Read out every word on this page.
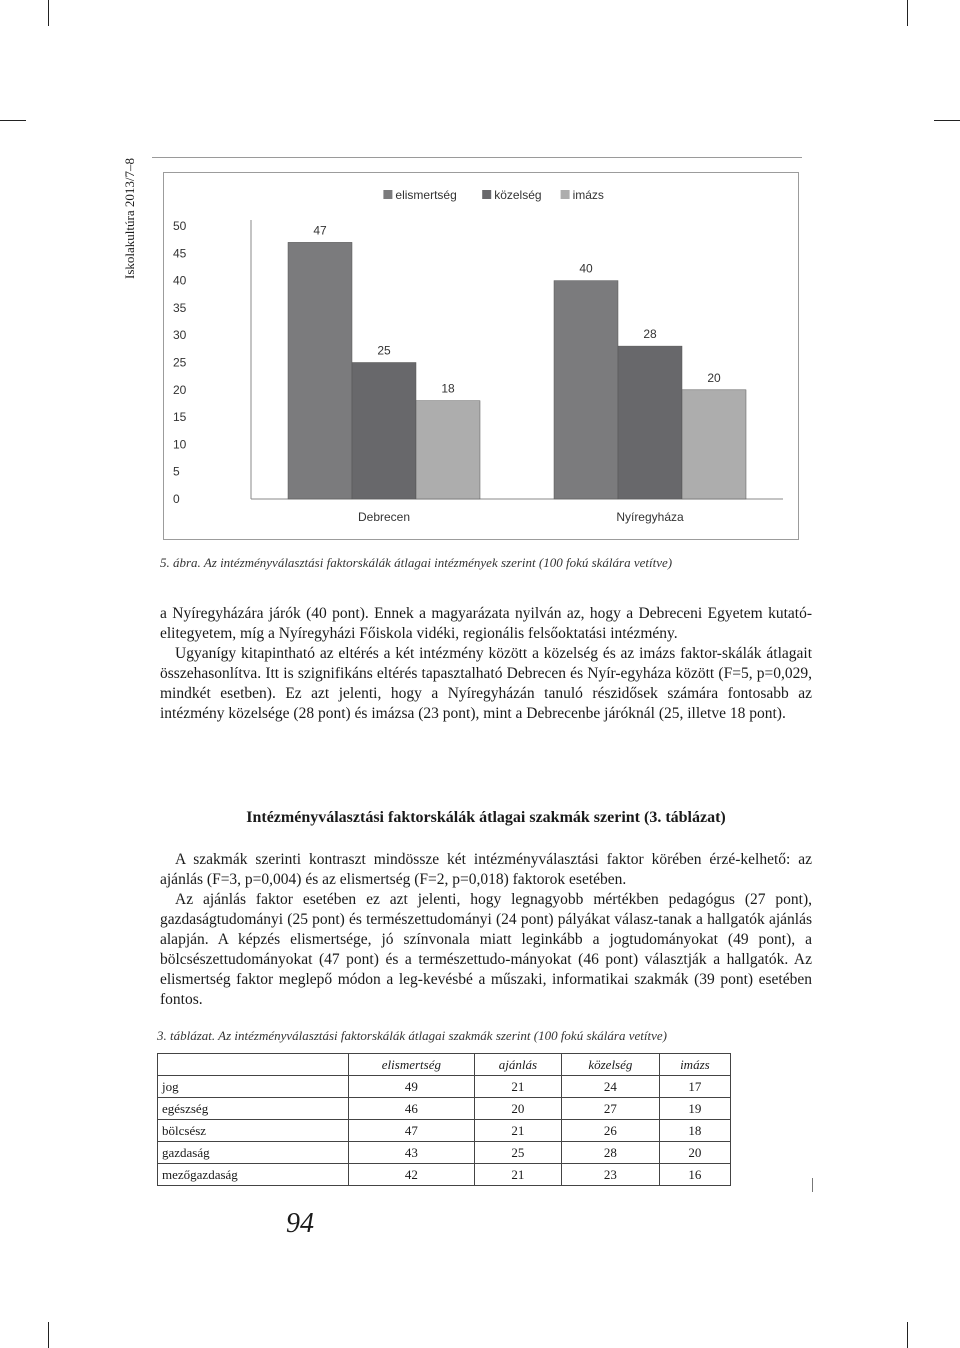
Iskolakultúra 2013/7–8
0
5
10
15
20
25
30
35
40
45
50	47
25
18
Debrecen
40
28
20
Nyíregyháza
elismertség	közelség	imázs
5. ábra. Az intézményválasztási faktorskálák átlagai intézmények szerint (100 fokú skálára vetítve)

a Nyíregyházára járók (40 pont). Ennek a magyarázata nyilván az, hogy a Debreceni Egyetem kutató-elitegyetem, míg a Nyíregyházi Főiskola vidéki, regionális felsőoktatási intézmény.

Ugyanígy kitapintható az eltérés a két intézmény között a közelség és az imázs faktor-skálák átlagait összehasonlítva. Itt is szignifikáns eltérés tapasztalható Debrecen és Nyír-egyháza között (F=5, p=0,029, mindkét esetben). Ez azt jelenti, hogy a Nyíregyházán tanuló részidősek számára fontosabb az intézmény közelsége (28 pont) és imázsa (23 pont), mint a Debrecenbe járóknál (25, illetve 18 pont).

Intézményválasztási faktorskálák átlagai szakmák szerint (3. táblázat)

A szakmák szerinti kontraszt mindössze két intézményválasztási faktor körében érzé-kelhető: az ajánlás (F=3, p=0,004) és az elismertség (F=2, p=0,018) faktorok esetében.

Az ajánlás faktor esetében ez azt jelenti, hogy legnagyobb mértékben pedagógus (27 pont), gazdaságtudományi (25 pont) és természettudományi (24 pont) pályákat válasz-tanak a hallgatók ajánlás alapján. A képzés elismertsége, jó színvonala miatt leginkább a jogtudományokat (49 pont), a bölcsészettudományokat (47 pont) és a természettudo-mányokat (46 pont) választják a hallgatók. Az elismertség faktor meglepő módon a leg-kevésbé a műszaki, informatikai szakmák (39 pont) esetében fontos.

3. táblázat. Az intézményválasztási faktorskálák átlagai szakmák szerint (100 fokú skálára vetítve)
	elismertség	ajánlás	közelség	imázs
jog	49	21	24	17
egészség	46	20	27	19
bölcsész	47	21	26	18
gazdaság	43	25	28	20
mezőgazdaság	42	21	23	16
94
